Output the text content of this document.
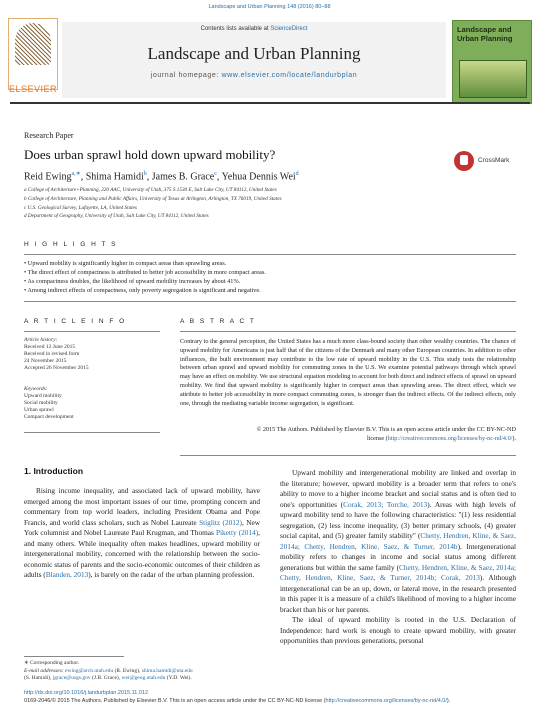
Landscape and Urban Planning 148 (2016) 80–88
Contents lists available at ScienceDirect
Landscape and Urban Planning
journal homepage: www.elsevier.com/locate/landurbplan
ELSEVIER
Landscape and Urban Planning
Research Paper
Does urban sprawl hold down upward mobility?	CrossMark
Reid Ewing$^{a,∗}$, Shima Hamidi$^b$, James B. Grace$^c$, Yehua Dennis Wei$^d$
a College of Architecture+Planning, 220 AAC, University of Utah, 375 S 1530 E, Salt Lake City, UT 84112, United States
b College of Architecture, Planning and Public Affairs, University of Texas at Arlington, Arlington, TX 76019, United States
c U.S. Geological Survey, Lafayette, LA, United States
d Department of Geography, University of Utah, Salt Lake City, UT 84112, United States
H I G H L I G H T S
• Upward mobility is significantly higher in compact areas than sprawling areas.
• The direct effect of compactness is attributed to better job accessibility in more compact areas.
• As compactness doubles, the likelihood of upward mobility increases by about 41%.
• Among indirect effects of compactness, only poverty segregation is significant and negative.
A R T I C L E I N F O	A B S T R A C T
Article history:
Received 12 June 2015
Received in revised form
24 November 2015
Accepted 26 November 2015
Keywords:
Upward mobility
Social mobility
Urban sprawl
Compact development
Contrary to the general perception, the United States has a much more class-bound society than other wealthy countries. The chance of upward mobility for Americans is just half that of the citizens of the Denmark and many other European countries. In addition to other influences, the built environment may contribute to the low rate of upward mobility in the U.S. This study tests the relationship between urban sprawl and upward mobility for commuting zones in the U.S. We examine potential pathways through which sprawl may have an effect on mobility. We use structural equation modeling to account for both direct and indirect effects of sprawl on upward mobility. We find that upward mobility is significantly higher in compact areas than sprawling areas. The direct effect, which we attribute to better job accessibility in more compact commuting zones, is stronger than the indirect effects. Of the indirect effects, only one, through the mediating variable income segregation, is significant.
© 2015 The Authors. Published by Elsevier B.V. This is an open access article under the CC BY-NC-ND
license (http://creativecommons.org/licenses/by-nc-nd/4.0/).
1. Introduction

Rising income inequality, and associated lack of upward mobility, have emerged among the most important issues of our time, prompting concern and commentary from top world leaders, including President Obama and Pope Francis, and world class scholars, such as Nobel Laureate Stiglitz (2012), New York columnist and Nobel Laureate Paul Krugman, and Thomas Piketty (2014), and many others. While inequality often makes headlines, upward mobility or intergenerational mobility, concerned with the relationship between the socio-economic status of parents and the socio-economic outcomes of their children as adults (Blanden, 2013), is barely on the radar of the urban planning profession.

Upward mobility and intergenerational mobility are linked and overlap in the literature; however, upward mobility is a broader term that refers to one's ability to move to a higher income bracket and social status and is often tied to one's opportunities (Corak, 2013; Torche, 2013). Areas with high levels of upward mobility tend to have the following characteristics: "(1) less residential segregation, (2) less income inequality, (3) better primary schools, (4) greater social capital, and (5) greater family stability" (Chetty, Hendren, Kline, & Saez, 2014a; Chetty, Hendren, Kline, Saez, & Turner, 2014b). Intergenerational mobility refers to changes in income and social status among different generations but within the same family (Chetty, Hendren, Kline, & Saez, 2014a; Chetty, Hendren, Kline, Saez, & Turner, 2014b; Corak, 2013). Although intergenerational can be an up, down, or lateral move, in the research presented in this paper it is a measure of a child's likelihood of moving to a higher income bracket than his or her parents.

The ideal of upward mobility is rooted in the U.S. Declaration of Independence: hard work is enough to create upward mobility, with greater opportunities than previous generations, personal

∗ Corresponding author.
E-mail addresses: ewing@arch.utah.edu (R. Ewing), shima.hamidi@uta.edu
(S. Hamidi), jgrace@usgs.gov (J.B. Grace), wei@geog.utah.edu (Y.D. Wei).
http://dx.doi.org/10.1016/j.landurbplan.2015.11.012
0169-2046/© 2015 The Authors. Published by Elsevier B.V. This is an open access article under the CC BY-NC-ND license (http://creativecommons.org/licenses/by-nc-nd/4.0/).
